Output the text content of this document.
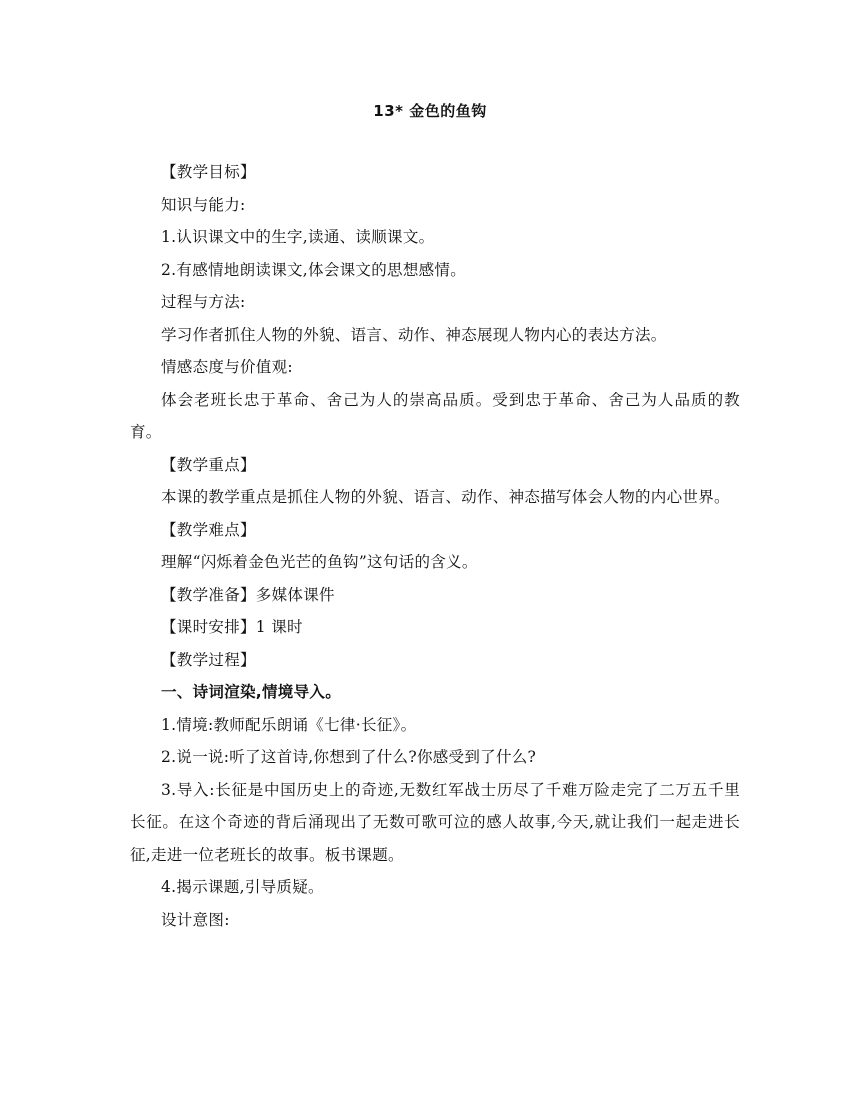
13* 金色的鱼钩

【教学目标】

知识与能力:

1.认识课文中的生字,读通、读顺课文。

2.有感情地朗读课文,体会课文的思想感情。

过程与方法:

学习作者抓住人物的外貌、语言、动作、神态展现人物内心的表达方法。

情感态度与价值观:

体会老班长忠于革命、舍己为人的崇高品质。受到忠于革命、舍己为人品质的教育。

【教学重点】

本课的教学重点是抓住人物的外貌、语言、动作、神态描写体会人物的内心世界。

【教学难点】

理解“闪烁着金色光芒的鱼钩”这句话的含义。

【教学准备】多媒体课件

【课时安排】1 课时

【教学过程】

一、诗词渲染,情境导入。

1.情境:教师配乐朗诵《七律·长征》。

2.说一说:听了这首诗,你想到了什么?你感受到了什么?

3.导入:长征是中国历史上的奇迹,无数红军战士历尽了千难万险走完了二万五千里长征。在这个奇迹的背后涌现出了无数可歌可泣的感人故事,今天,就让我们一起走进长征,走进一位老班长的故事。板书课题。

4.揭示课题,引导质疑。

设计意图:
